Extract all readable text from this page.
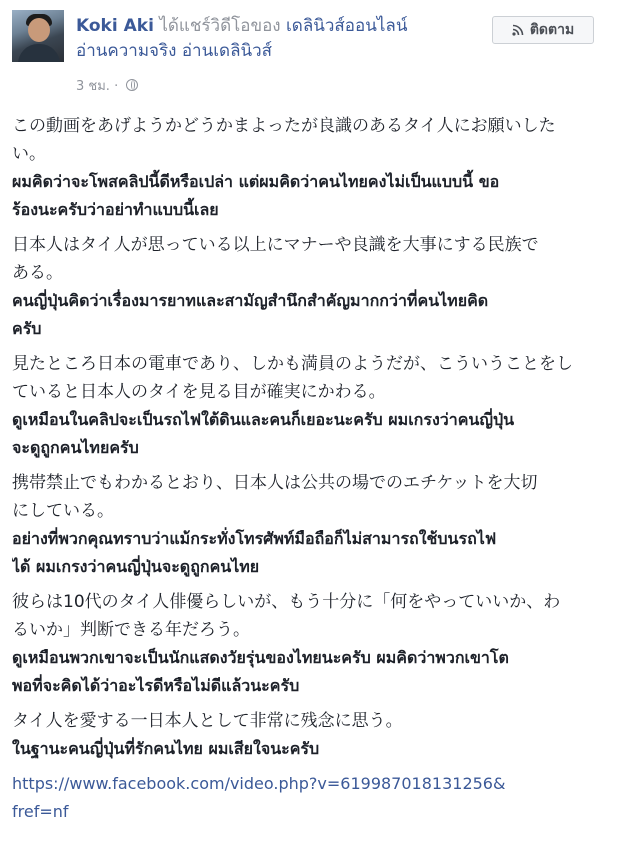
Koki Aki ได้แชร์วิดีโอของ เดลินิวส์ออนไลน์
อ่านความจริง อ่านเดลินิวส์
3 ชม. ·
ติดตาม
この動画をあげようかどうかまよったが良識のあるタイ人にお願いした
い。
ผมคิดว่าจะโพสคลิปนี้ดีหรือเปล่า แต่ผมคิดว่าคนไทยคงไม่เป็นแบบนี้ ขอ
ร้องนะครับว่าอย่าทำแบบนี้เลย
日本人はタイ人が思っている以上にマナーや良識を大事にする民族で
ある。
คนญี่ปุ่นคิดว่าเรื่องมารยาทและสามัญสำนึกสำคัญมากกว่าที่คนไทยคิด
ครับ
見たところ日本の電車であり、しかも満員のようだが、こういうことをし
ていると日本人のタイを見る目が確実にかわる。
ดูเหมือนในคลิปจะเป็นรถไฟใต้ดินและคนก็เยอะนะครับ ผมเกรงว่าคนญี่ปุ่น
จะดูถูกคนไทยครับ
携帯禁止でもわかるとおり、日本人は公共の場でのエチケットを大切
にしている。
อย่างที่พวกคุณทราบว่าแม้กระทั่งโทรศัพท์มือถือก็ไม่สามารถใช้บนรถไฟ
ได้ ผมเกรงว่าคนญี่ปุ่นจะดูถูกคนไทย
彼らは10代のタイ人俳優らしいが、もう十分に「何をやっていいか、わ
るいか」判断できる年だろう。
ดูเหมือนพวกเขาจะเป็นนักแสดงวัยรุ่นของไทยนะครับ ผมคิดว่าพวกเขาโต
พอที่จะคิดได้ว่าอะไรดีหรือไม่ดีแล้วนะครับ
タイ人を愛する一日本人として非常に残念に思う。
ในฐานะคนญี่ปุ่นที่รักคนไทย ผมเสียใจนะครับ
https://www.facebook.com/video.php?v=619987018131256&
fref=nf
